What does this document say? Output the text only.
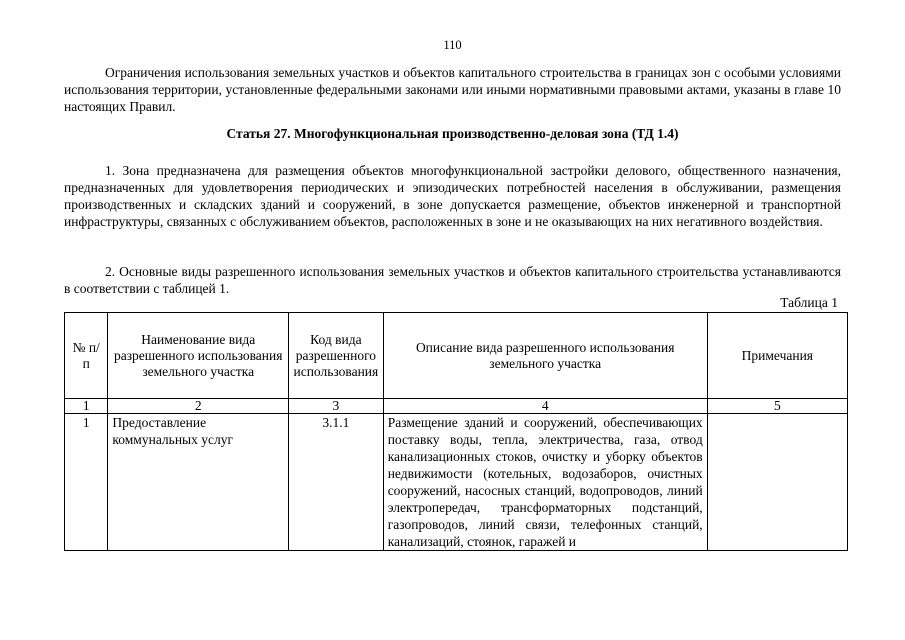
110

Ограничения использования земельных участков и объектов капитального строительства в границах зон с особыми условиями использования территории, установленные федеральными законами или иными нормативными правовыми актами, указаны в главе 10 настоящих Правил.

Статья 27. Многофункциональная производственно-деловая зона (ТД 1.4)

1. Зона предназначена для размещения объектов многофункциональной застройки делового, общественного назначения, предназначенных для удовлетворения периодических и эпизодических потребностей населения в обслуживании, размещения производственных и складских зданий и сооружений, в зоне допускается размещение, объектов инженерной и транспортной инфраструктуры, связанных с обслуживанием объектов, расположенных в зоне и не оказывающих на них негативного воздействия.

2. Основные виды разрешенного использования земельных участков и объектов капитального строительства устанавливаются в соответствии с таблицей 1.

Таблица 1
№ п/п	Наименование вида разрешенного использования земельного участка	Код вида разрешенного использования	Описание вида разрешенного использования земельного участка	Примечания
1	2	3	4	5
1	Предоставление коммунальных услуг	3.1.1	Размещение зданий и сооружений, обеспечивающих поставку воды, тепла, электричества, газа, отвод канализационных стоков, очистку и уборку объектов недвижимости (котельных, водозаборов, очистных сооружений, насосных станций, водопроводов, линий электропередач, трансформаторных подстанций, газопроводов, линий связи, телефонных станций, канализаций, стоянок, гаражей и	
